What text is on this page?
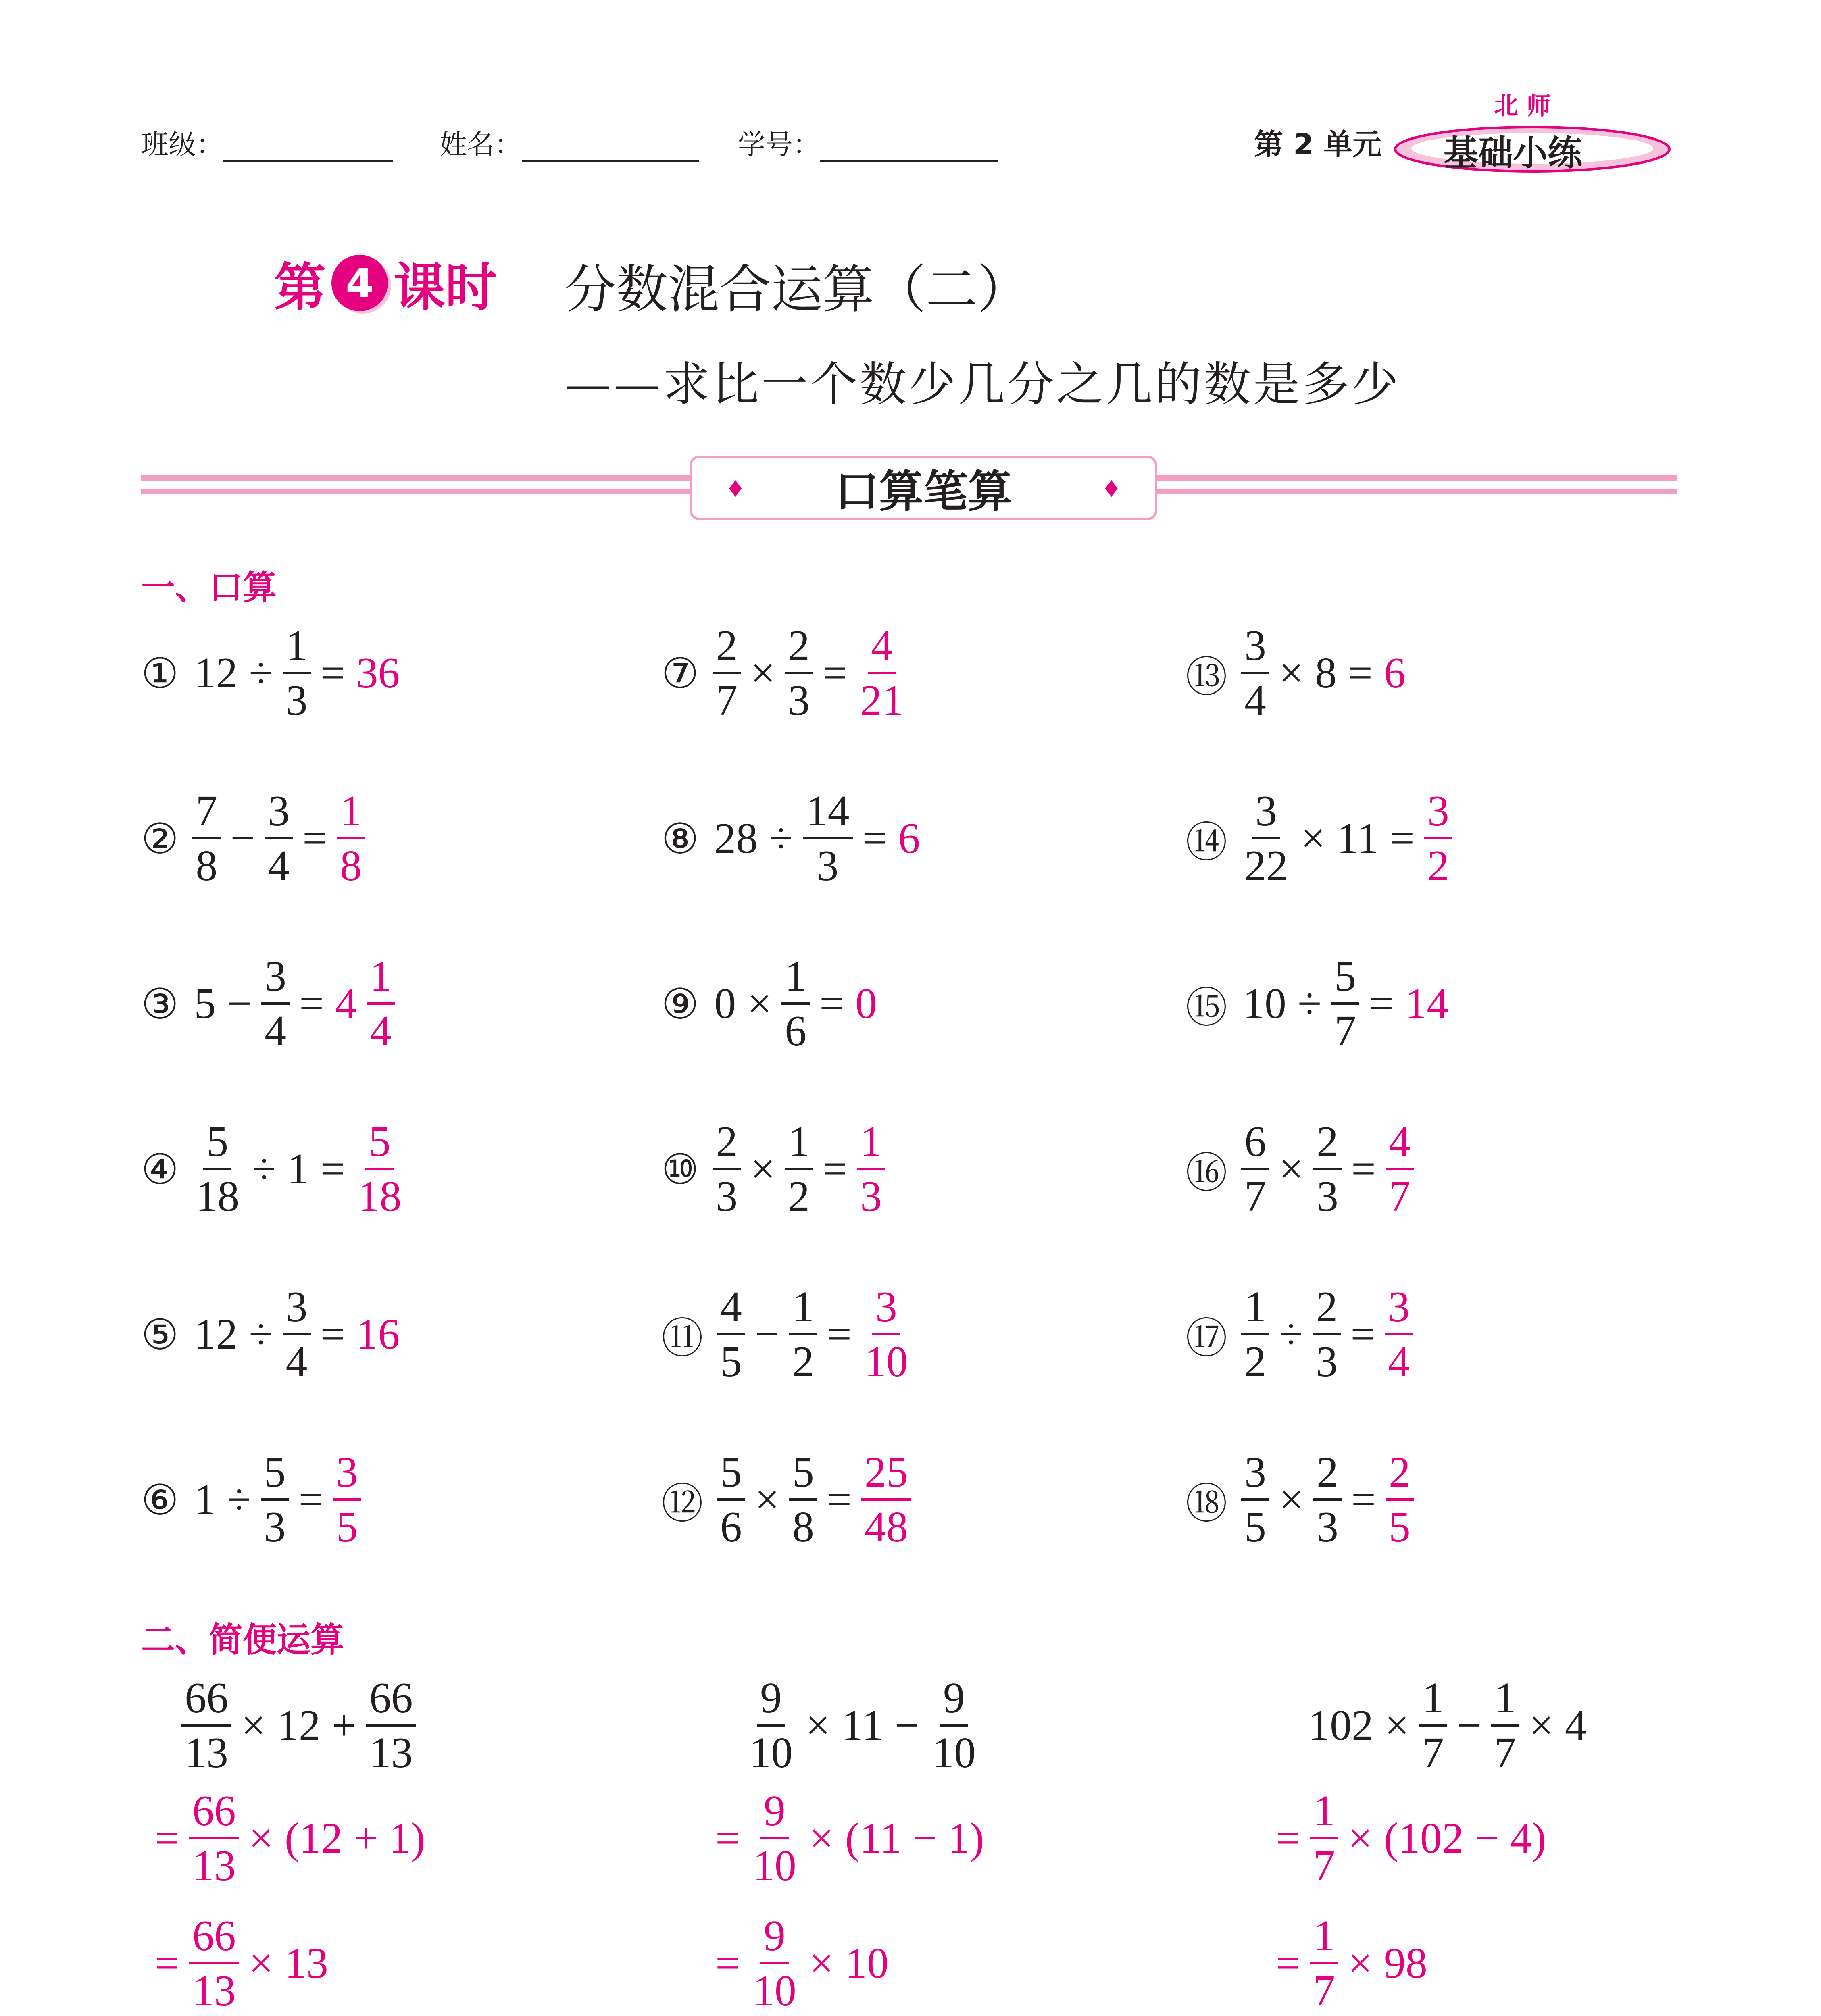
班级：	姓名：	学号：	第 2 单元
北 师
基础小练
第 4 课时 分数混合运算（二）
——求比一个数少几分之几的数是多少
♦ 口算笔算	♦
一、口算
① $12 \div \frac{1}{3} = 36$
② $\frac{7}{8} - \frac{3}{4} = \frac{1}{8}$
③ $5 - \frac{3}{4} = 4 \frac{1}{4}$
④ $\frac{5}{18} \div 1 = \frac{5}{18}$
⑤ $12 \div \frac{3}{4} = 16$
⑥ $1 \div \frac{5}{3} = \frac{3}{5}$
⑦ $\frac{2}{7} \times \frac{2}{3} = \frac{4}{21}$
⑧ $28 \div \frac{14}{3} = 6$
⑨ $0 \times \frac{1}{6} = 0$
⑩ $\frac{2}{3} \times \frac{1}{2} = \frac{1}{3}$
⑪ $\frac{4}{5} - \frac{1}{2} = \frac{3}{10}$
⑫ $\frac{5}{6} \times \frac{5}{8} = \frac{25}{48}$
⑬ $\frac{3}{4} \times 8 = 6$
⑭ $\frac{3}{22} \times 11 = \frac{3}{2}$
⑮ $10 \div \frac{5}{7} = 14$
⑯ $\frac{6}{7} \times \frac{2}{3} = \frac{4}{7}$
⑰ $\frac{1}{2} \div \frac{2}{3} = \frac{3}{4}$
⑱ $\frac{3}{5} \times \frac{2}{3} = \frac{2}{5}$
二、简便运算
$\frac{66}{13} \times 12 + \frac{66}{13}$
= $\frac{66}{13} \times (12 + 1)$
= $\frac{66}{13} \times 13$
$\frac{9}{10} \times 11 - \frac{9}{10}$
= $\frac{9}{10} \times (11 - 1)$
= $\frac{9}{10} \times 10$
$102 \times \frac{1}{7} - \frac{1}{7} \times 4$
= $\frac{1}{7} \times (102 - 4)$
= $\frac{1}{7} \times 98$
